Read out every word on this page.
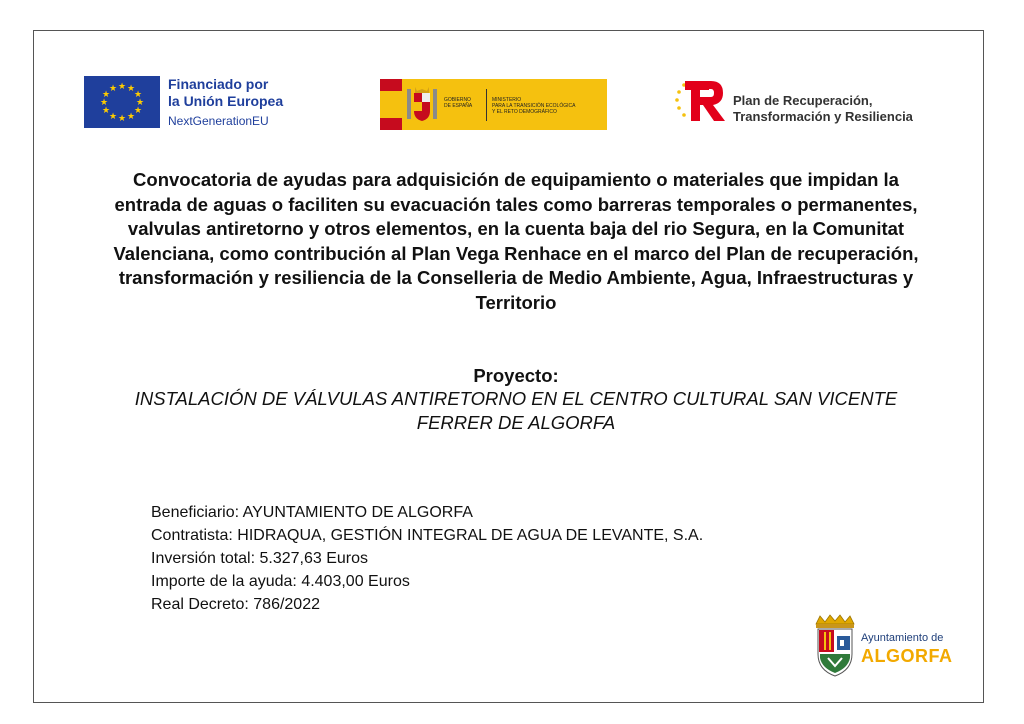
★ ★
★
★
★
★
★
★
★
★
★
★	Financiado por
la Unión Europea
NextGenerationEU
GOBIERNO
DE ESPAÑA
MINISTERIO
PARA LA TRANSICIÓN ECOLÓGICA
Y EL RETO DEMOGRÁFICO
Plan de Recuperación,
Transformación y Resiliencia
Convocatoria de ayudas para adquisición de equipamiento o materiales que impidan la entrada de aguas o faciliten su evacuación tales como barreras temporales o permanentes, valvulas antiretorno y otros elementos, en la cuenta baja del rio Segura, en la Comunitat Valenciana, como contribución al Plan Vega Renhace en el marco del Plan de recuperación, transformación y resiliencia de la Conselleria de Medio Ambiente, Agua, Infraestructuras y Territorio
Proyecto:
INSTALACIÓN DE VÁLVULAS ANTIRETORNO EN EL CENTRO CULTURAL SAN VICENTE FERRER DE ALGORFA
Beneficiario: AYUNTAMIENTO DE ALGORFA
Contratista: HIDRAQUA, GESTIÓN INTEGRAL DE AGUA DE LEVANTE, S.A.
Inversión total: 5.327,63 Euros
Importe de la ayuda: 4.403,00 Euros
Real Decreto: 786/2022
Ayuntamiento de
ALGORFA
